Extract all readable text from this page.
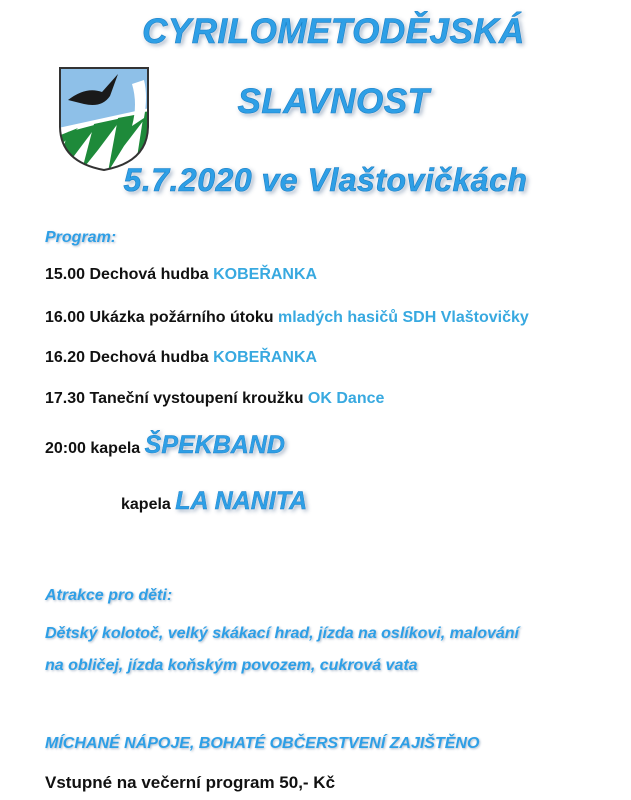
CYRILOMETODĚJSKÁ
SLAVNOST
5.7.2020 ve Vlaštovičkách
Program:
15.00 Dechová hudba KOBEŘANKA
16.00 Ukázka požárního útoku mladých hasičů SDH Vlaštovičky
16.20 Dechová hudba KOBEŘANKA
17.30 Taneční vystoupení kroužku OK Dance
20:00 kapela ŠPEKBAND
kapela LA NANITA
Atrakce pro děti:
Dětský kolotoč, velký skákací hrad, jízda na oslíkovi, malování
na obličej, jízda koňským povozem, cukrová vata
MÍCHANÉ NÁPOJE, BOHATÉ OBČERSTVENÍ ZAJIŠTĚNO
Vstupné na večerní program 50,- Kč
